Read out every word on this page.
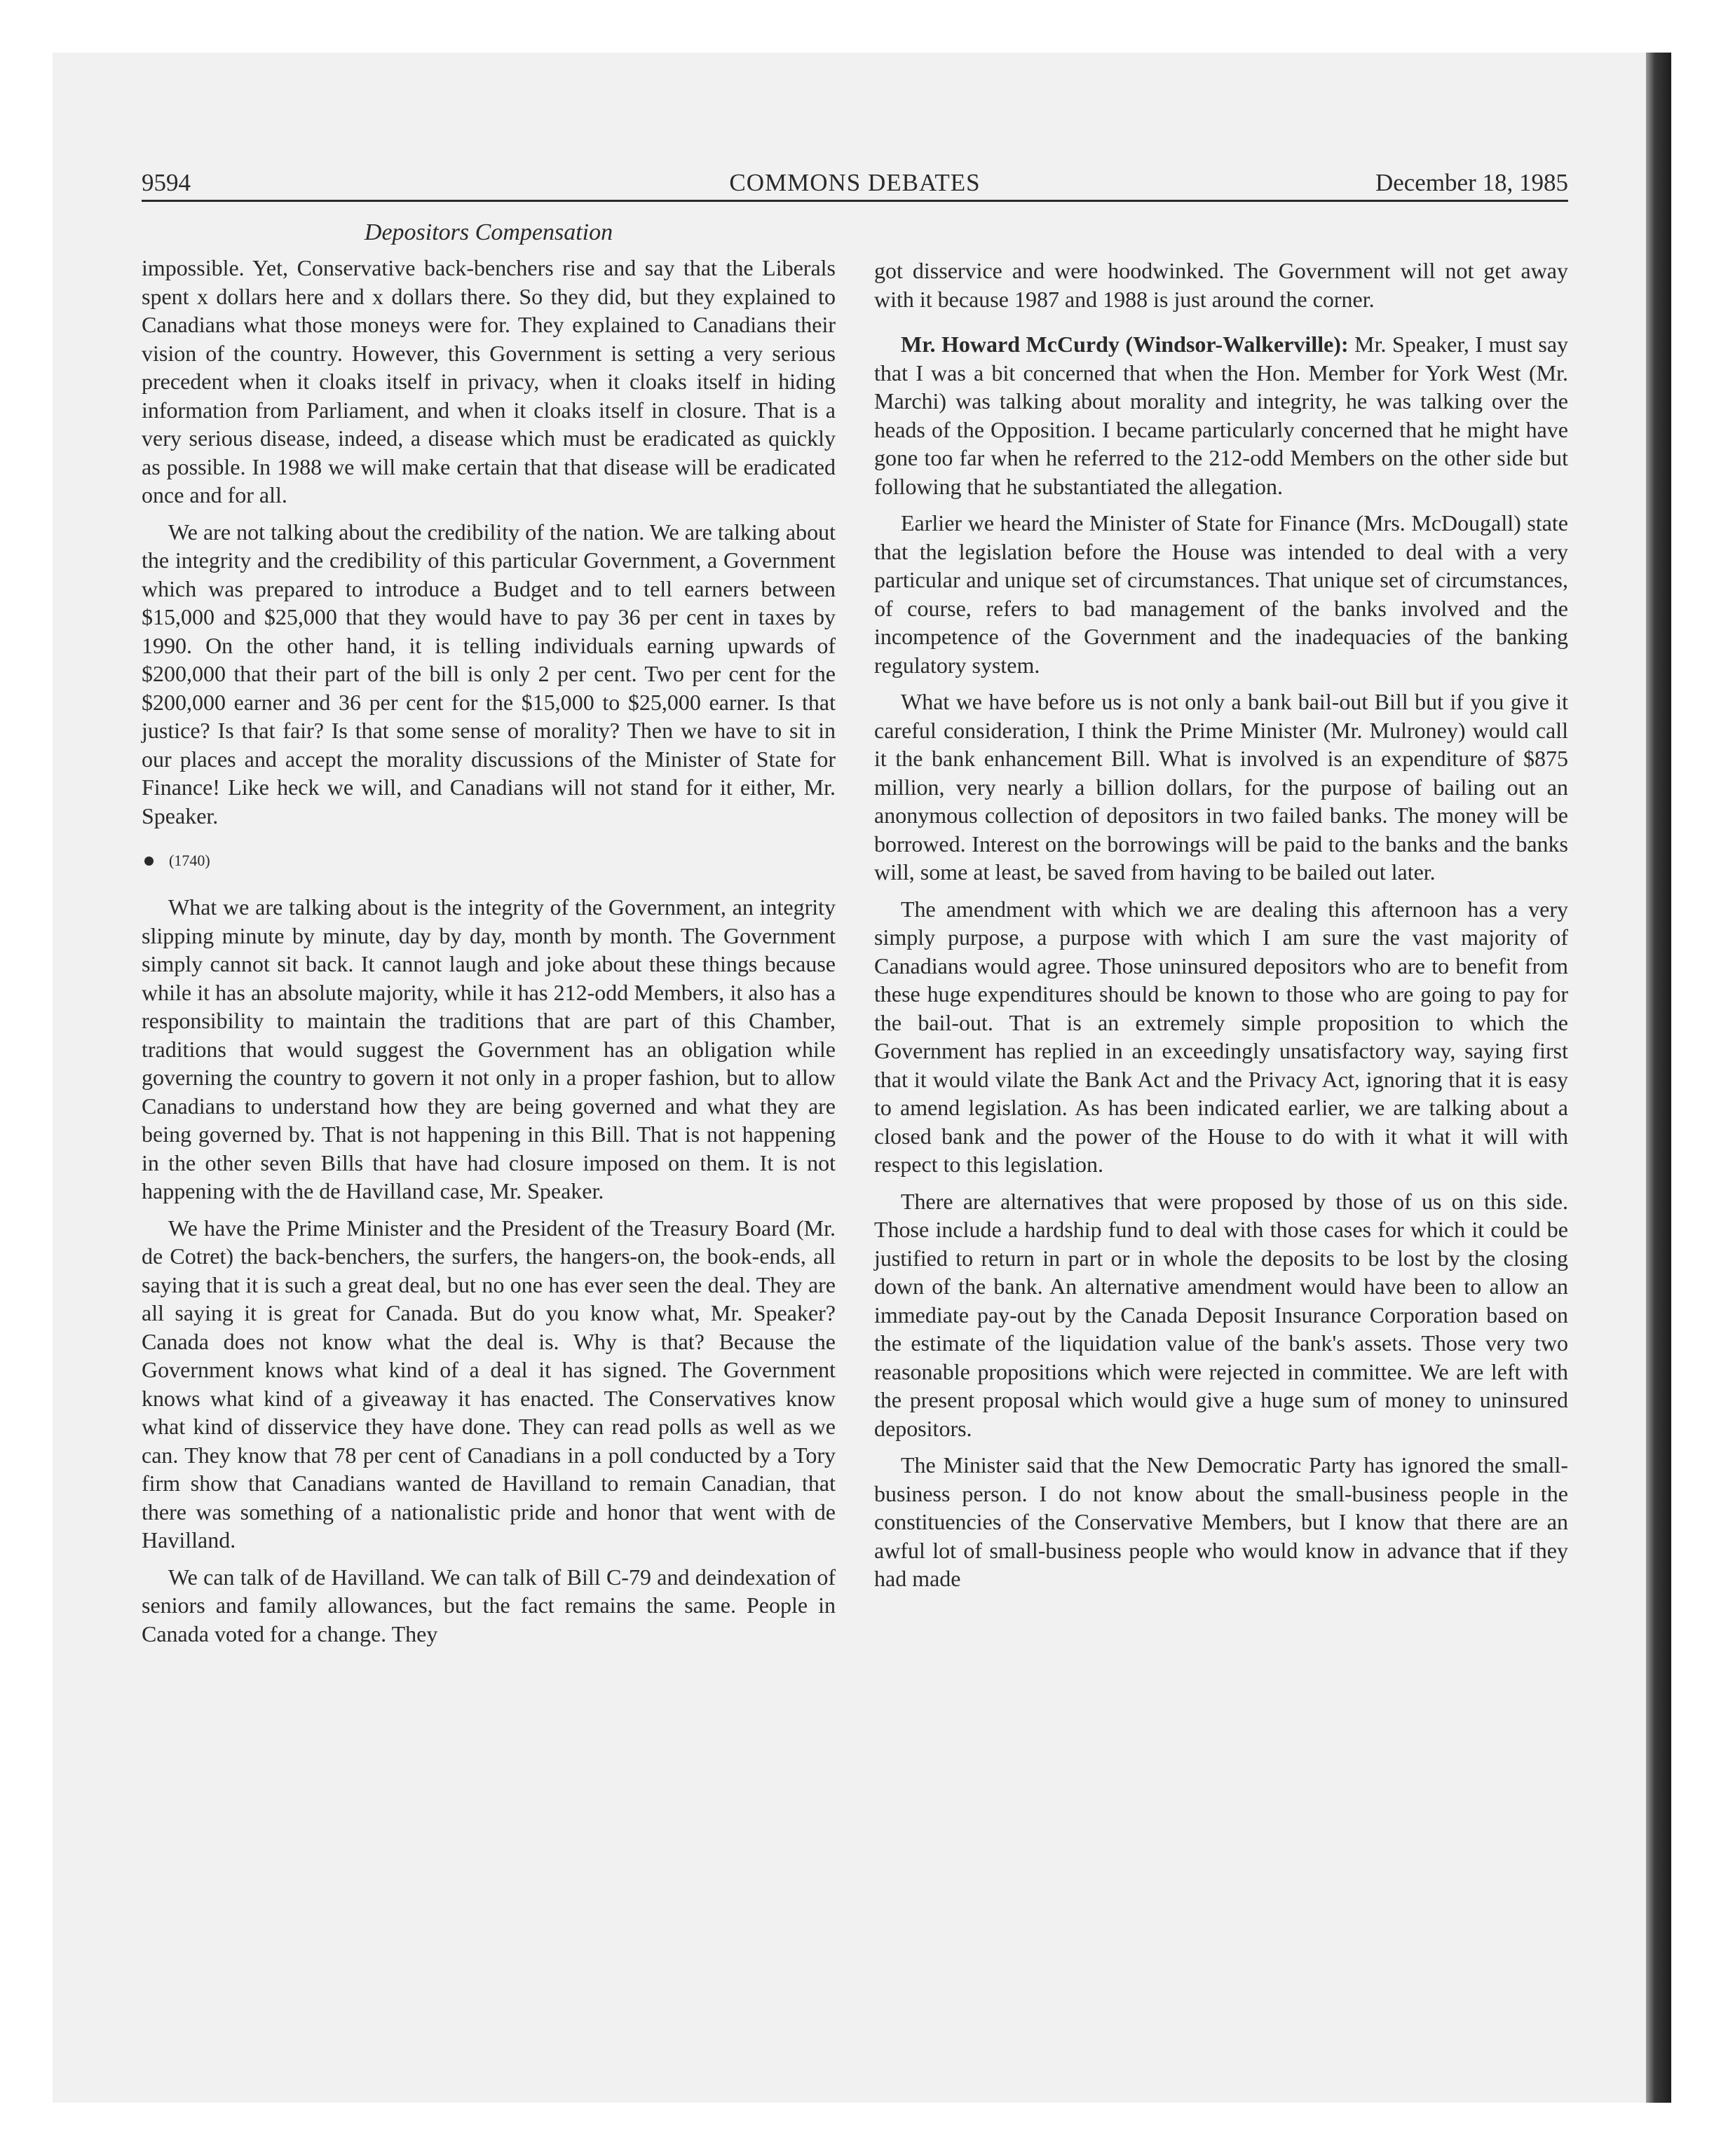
9594	COMMONS DEBATES	December 18, 1985
Depositors Compensation

impossible. Yet, Conservative back-benchers rise and say that the Liberals spent x dollars here and x dollars there. So they did, but they explained to Canadians what those moneys were for. They explained to Canadians their vision of the country. However, this Government is setting a very serious precedent when it cloaks itself in privacy, when it cloaks itself in hiding information from Parliament, and when it cloaks itself in closure. That is a very serious disease, indeed, a disease which must be eradicated as quickly as possible. In 1988 we will make certain that that disease will be eradicated once and for all.

We are not talking about the credibility of the nation. We are talking about the integrity and the credibility of this particular Government, a Government which was prepared to introduce a Budget and to tell earners between $15,000 and $25,000 that they would have to pay 36 per cent in taxes by 1990. On the other hand, it is telling individuals earning upwards of $200,000 that their part of the bill is only 2 per cent. Two per cent for the $200,000 earner and 36 per cent for the $15,000 to $25,000 earner. Is that justice? Is that fair? Is that some sense of morality? Then we have to sit in our places and accept the morality discussions of the Minister of State for Finance! Like heck we will, and Canadians will not stand for it either, Mr. Speaker.

(1740)

What we are talking about is the integrity of the Government, an integrity slipping minute by minute, day by day, month by month. The Government simply cannot sit back. It cannot laugh and joke about these things because while it has an absolute majority, while it has 212-odd Members, it also has a responsibility to maintain the traditions that are part of this Chamber, traditions that would suggest the Government has an obligation while governing the country to govern it not only in a proper fashion, but to allow Canadians to understand how they are being governed and what they are being governed by. That is not happening in this Bill. That is not happening in the other seven Bills that have had closure imposed on them. It is not happening with the de Havilland case, Mr. Speaker.

We have the Prime Minister and the President of the Treasury Board (Mr. de Cotret) the back-benchers, the surfers, the hangers-on, the book-ends, all saying that it is such a great deal, but no one has ever seen the deal. They are all saying it is great for Canada. But do you know what, Mr. Speaker? Canada does not know what the deal is. Why is that? Because the Government knows what kind of a deal it has signed. The Government knows what kind of a giveaway it has enacted. The Conservatives know what kind of disservice they have done. They can read polls as well as we can. They know that 78 per cent of Canadians in a poll conducted by a Tory firm show that Canadians wanted de Havilland to remain Canadian, that there was something of a nationalistic pride and honor that went with de Havilland.

We can talk of de Havilland. We can talk of Bill C-79 and deindexation of seniors and family allowances, but the fact remains the same. People in Canada voted for a change. They

got disservice and were hoodwinked. The Government will not get away with it because 1987 and 1988 is just around the corner.

Mr. Howard McCurdy (Windsor-Walkerville): Mr. Speaker, I must say that I was a bit concerned that when the Hon. Member for York West (Mr. Marchi) was talking about morality and integrity, he was talking over the heads of the Opposition. I became particularly concerned that he might have gone too far when he referred to the 212-odd Members on the other side but following that he substantiated the allegation.

Earlier we heard the Minister of State for Finance (Mrs. McDougall) state that the legislation before the House was intended to deal with a very particular and unique set of circumstances. That unique set of circumstances, of course, refers to bad management of the banks involved and the incompetence of the Government and the inadequacies of the banking regulatory system.

What we have before us is not only a bank bail-out Bill but if you give it careful consideration, I think the Prime Minister (Mr. Mulroney) would call it the bank enhancement Bill. What is involved is an expenditure of $875 million, very nearly a billion dollars, for the purpose of bailing out an anonymous collection of depositors in two failed banks. The money will be borrowed. Interest on the borrowings will be paid to the banks and the banks will, some at least, be saved from having to be bailed out later.

The amendment with which we are dealing this afternoon has a very simply purpose, a purpose with which I am sure the vast majority of Canadians would agree. Those uninsured depositors who are to benefit from these huge expenditures should be known to those who are going to pay for the bail-out. That is an extremely simple proposition to which the Government has replied in an exceedingly unsatisfactory way, saying first that it would vilate the Bank Act and the Privacy Act, ignoring that it is easy to amend legislation. As has been indicated earlier, we are talking about a closed bank and the power of the House to do with it what it will with respect to this legislation.

There are alternatives that were proposed by those of us on this side. Those include a hardship fund to deal with those cases for which it could be justified to return in part or in whole the deposits to be lost by the closing down of the bank. An alternative amendment would have been to allow an immediate pay-out by the Canada Deposit Insurance Corporation based on the estimate of the liquidation value of the bank's assets. Those very two reasonable propositions which were rejected in committee. We are left with the present proposal which would give a huge sum of money to uninsured depositors.

The Minister said that the New Democratic Party has ignored the small-business person. I do not know about the small-business people in the constituencies of the Conservative Members, but I know that there are an awful lot of small-business people who would know in advance that if they had made
